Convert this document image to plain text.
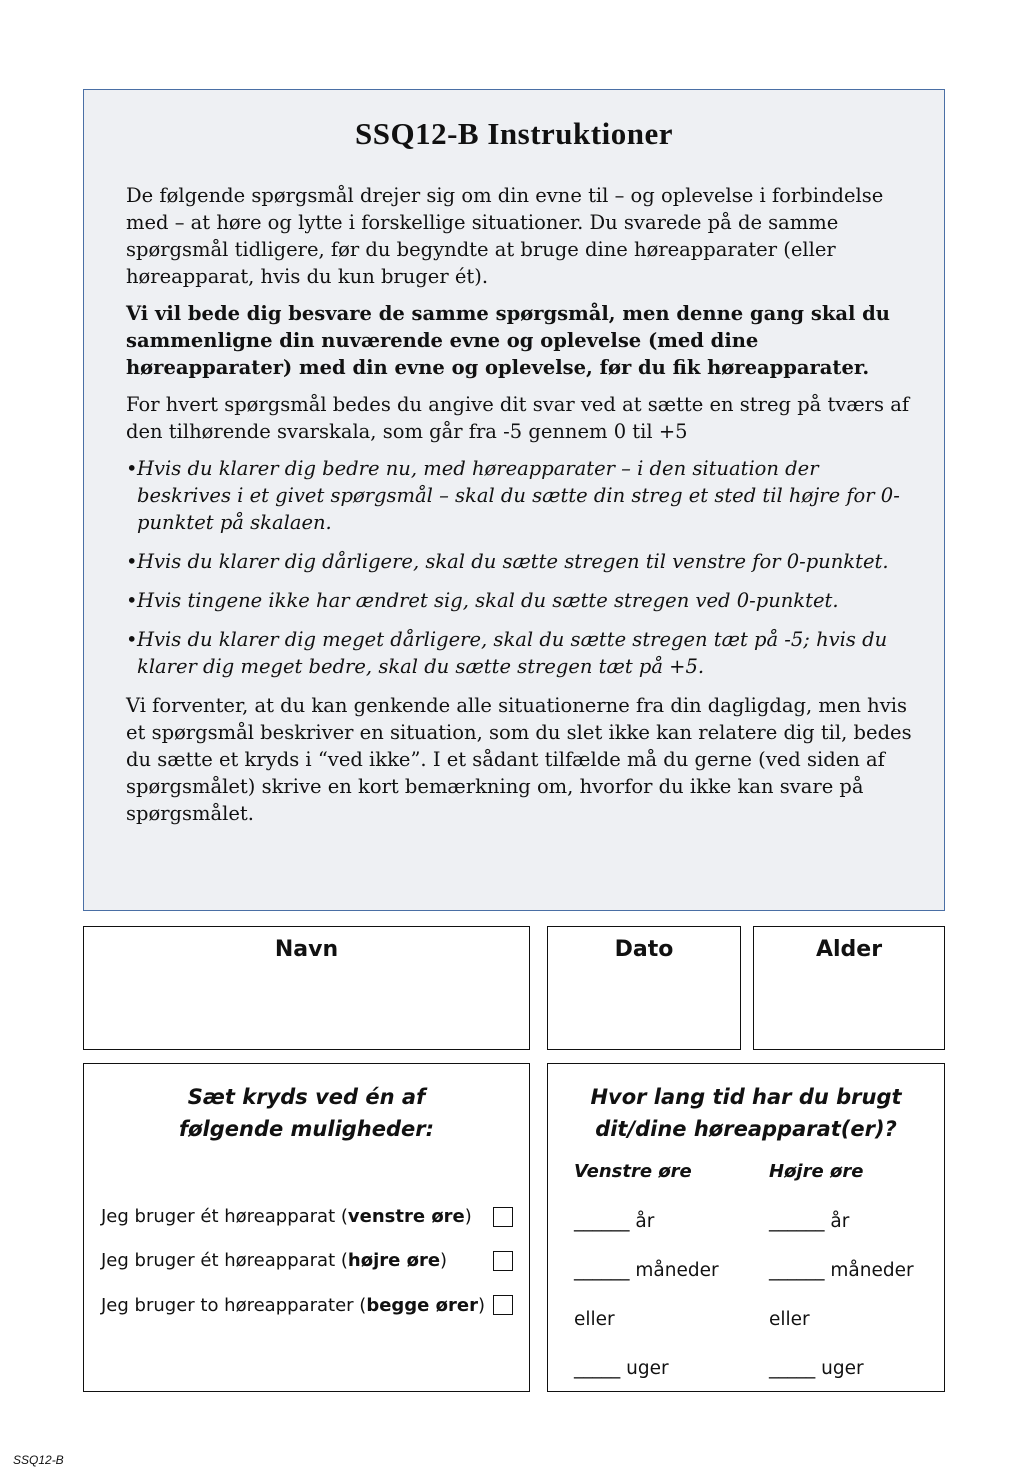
SSQ12-B Instruktioner

De følgende spørgsmål drejer sig om din evne til – og oplevelse i forbindelse med – at høre og lytte i forskellige situationer. Du svarede på de samme spørgsmål tidligere, før du begyndte at bruge dine høreapparater (eller høreapparat, hvis du kun bruger ét).

Vi vil bede dig besvare de samme spørgsmål, men denne gang skal du sammenligne din nuværende evne og oplevelse (med dine høreapparater) med din evne og oplevelse, før du fik høreapparater.

For hvert spørgsmål bedes du angive dit svar ved at sætte en streg på tværs af den tilhørende svarskala, som går fra -5 gennem 0 til +5

• Hvis du klarer dig bedre nu, med høreapparater – i den situation der beskrives i et givet spørgsmål – skal du sætte din streg et sted til højre for 0-punktet på skalaen.
• Hvis du klarer dig dårligere, skal du sætte stregen til venstre for 0-punktet.
• Hvis tingene ikke har ændret sig, skal du sætte stregen ved 0-punktet.
• Hvis du klarer dig meget dårligere, skal du sætte stregen tæt på -5; hvis du klarer dig meget bedre, skal du sætte stregen tæt på +5.

Vi forventer, at du kan genkende alle situationerne fra din dagligdag, men hvis et spørgsmål beskriver en situation, som du slet ikke kan relatere dig til, bedes du sætte et kryds i “ved ikke”. I et sådant tilfælde må du gerne (ved siden af spørgsmålet) skrive en kort bemærkning om, hvorfor du ikke kan svare på spørgsmålet.

Navn	Dato	Alder
Sæt kryds ved én af
følgende muligheder:
Jeg bruger ét høreapparat (venstre øre)
Jeg bruger ét høreapparat (højre øre)
Jeg bruger to høreapparater (begge ører)
Hvor lang tid har du brugt
dit/dine høreapparat(er)?
Venstre øre
______ år
______ måneder
eller
_____ uger
Højre øre
______ år
______ måneder
eller
_____ uger
SSQ12-B
